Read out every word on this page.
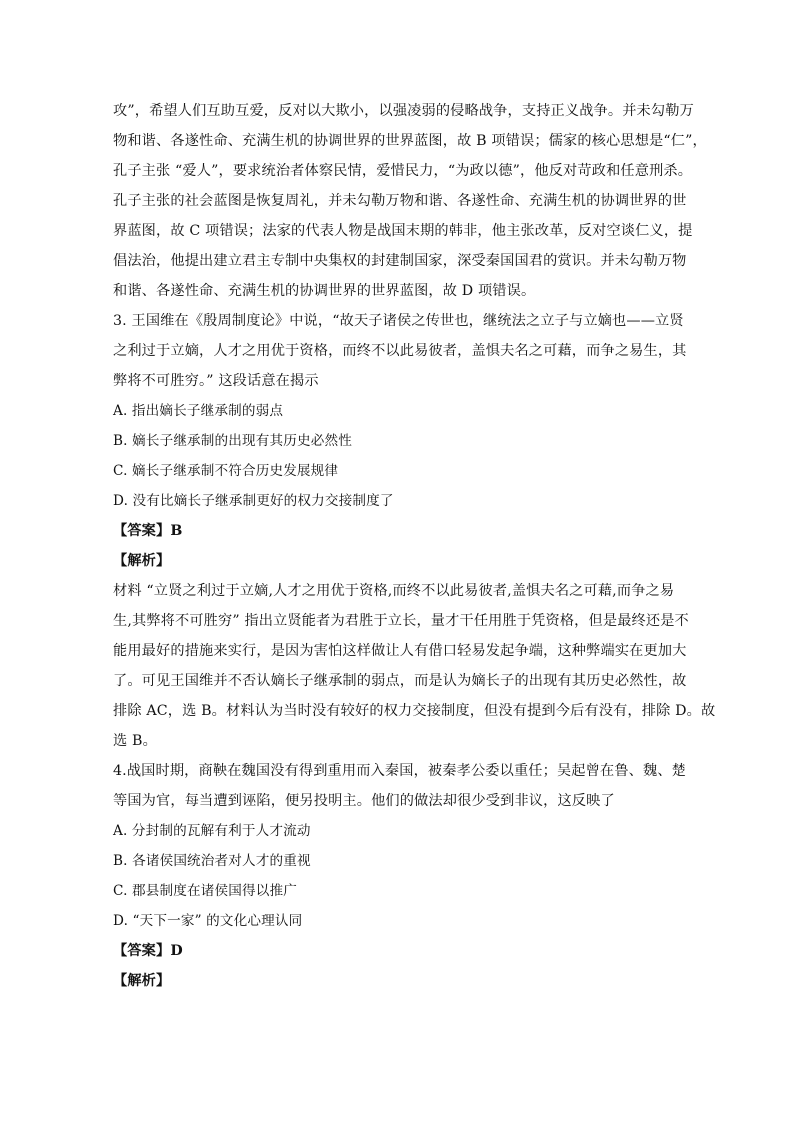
攻”，希望人们互助互爱，反对以大欺小，以强凌弱的侵略战争，支持正义战争。并未勾勒万
物和谐、各遂性命、充满生机的协调世界的世界蓝图，故 B 项错误；儒家的核心思想是“仁”，
孔子主张 “爱人”，要求统治者体察民情，爱惜民力，“为政以德”，他反对苛政和任意刑杀。
孔子主张的社会蓝图是恢复周礼，并未勾勒万物和谐、各遂性命、充满生机的协调世界的世
界蓝图，故 C 项错误；法家的代表人物是战国末期的韩非，他主张改革，反对空谈仁义，提
倡法治，他提出建立君主专制中央集权的封建制国家，深受秦国国君的赏识。并未勾勒万物
和谐、各遂性命、充满生机的协调世界的世界蓝图，故 D 项错误。
3. 王国维在《殷周制度论》中说，“故天子诸侯之传世也，继统法之立子与立嫡也——立贤
之利过于立嫡，人才之用优于资格，而终不以此易彼者，盖惧夫名之可藉，而争之易生，其
弊将不可胜穷。” 这段话意在揭示
A. 指出嫡长子继承制的弱点
B. 嫡长子继承制的出现有其历史必然性
C. 嫡长子继承制不符合历史发展规律
D. 没有比嫡长子继承制更好的权力交接制度了
【答案】B
【解析】
材料 “立贤之利过于立嫡,人才之用优于资格,而终不以此易彼者,盖惧夫名之可藉,而争之易
生,其弊将不可胜穷” 指出立贤能者为君胜于立长，量才干任用胜于凭资格，但是最终还是不
能用最好的措施来实行，是因为害怕这样做让人有借口轻易发起争端，这种弊端实在更加大
了。可见王国维并不否认嫡长子继承制的弱点，而是认为嫡长子的出现有其历史必然性，故
排除 AC，选 B。材料认为当时没有较好的权力交接制度，但没有提到今后有没有，排除 D。故
选 B。
4.战国时期，商鞅在魏国没有得到重用而入秦国，被秦孝公委以重任；吴起曾在鲁、魏、楚
等国为官，每当遭到诬陷，便另投明主。他们的做法却很少受到非议，这反映了
A. 分封制的瓦解有利于人才流动
B. 各诸侯国统治者对人才的重视
C. 郡县制度在诸侯国得以推广
D. “天下一家” 的文化心理认同
【答案】D
【解析】
